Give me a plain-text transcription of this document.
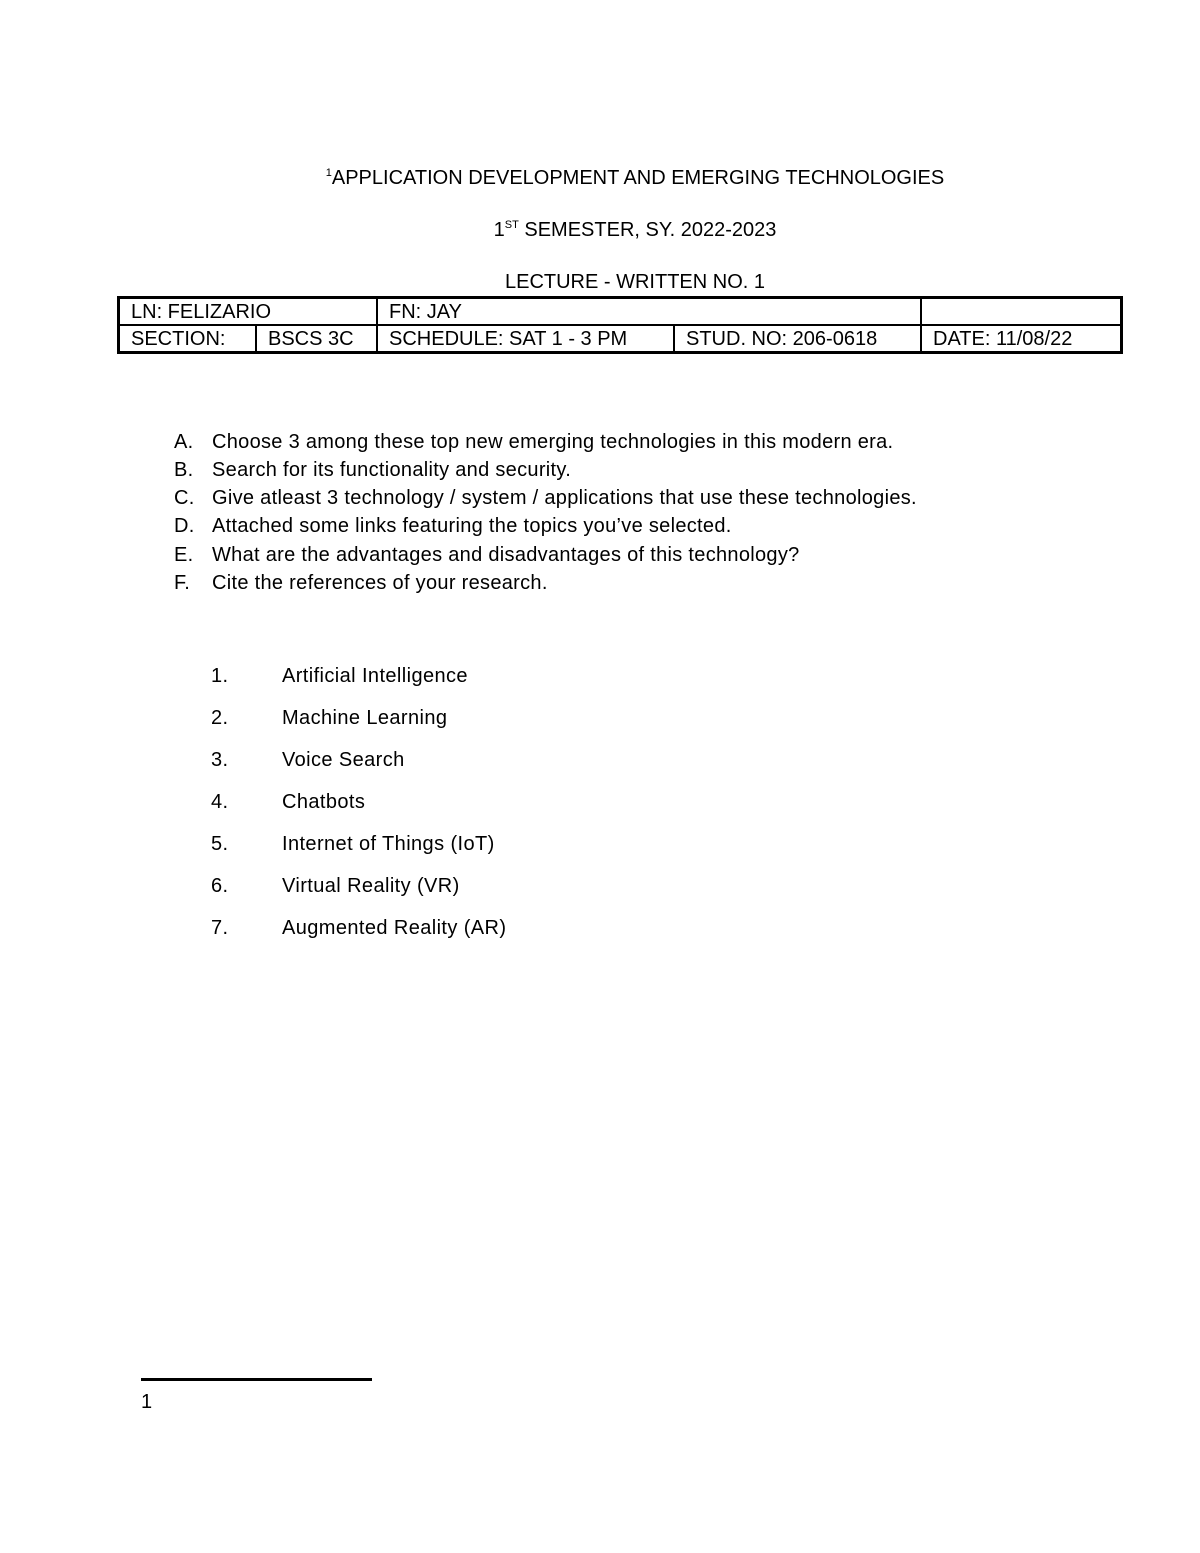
$^1$APPLICATION DEVELOPMENT AND EMERGING TECHNOLOGIES
1ST SEMESTER, SY. 2022-2023
LECTURE - WRITTEN NO. 1
LN: FELIZARIO		FN: JAY		
SECTION:	BSCS 3C	SCHEDULE: SAT 1 - 3 PM	STUD. NO: 206-0618	DATE: 11/08/22
A. Choose 3 among these top new emerging technologies in this modern era.
B. Search for its functionality and security.
C. Give atleast 3 technology / system / applications that use these technologies.
D. Attached some links featuring the topics you’ve selected.
E. What are the advantages and disadvantages of this technology?
F. Cite the references of your research.
1.	Artificial Intelligence
2.	Machine Learning
3.	Voice Search
4.	Chatbots
5.	Internet of Things (IoT)
6.	Virtual Reality (VR)
7.	Augmented Reality (AR)
1
